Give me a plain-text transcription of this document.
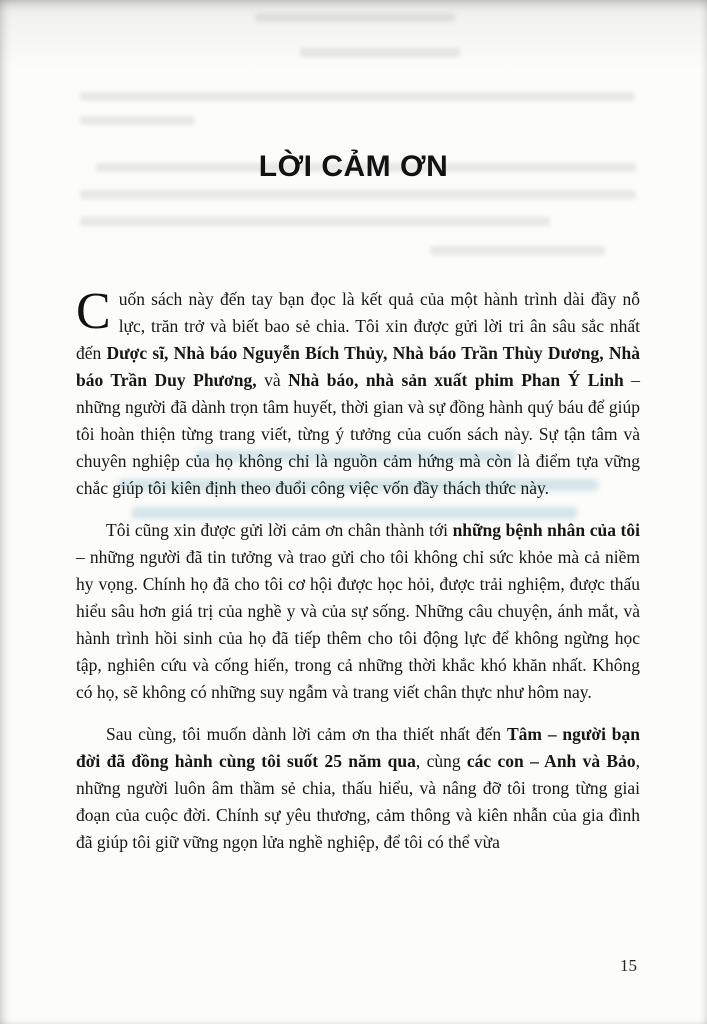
LỜI CẢM ƠN

Cuốn sách này đến tay bạn đọc là kết quả của một hành trình dài đầy nỗ lực, trăn trở và biết bao sẻ chia. Tôi xin được gửi lời tri ân sâu sắc nhất đến Dược sĩ, Nhà báo Nguyễn Bích Thủy, Nhà báo Trần Thùy Dương, Nhà báo Trần Duy Phương, và Nhà báo, nhà sản xuất phim Phan Ý Linh – những người đã dành trọn tâm huyết, thời gian và sự đồng hành quý báu để giúp tôi hoàn thiện từng trang viết, từng ý tưởng của cuốn sách này. Sự tận tâm và chuyên nghiệp của họ không chỉ là nguồn cảm hứng mà còn là điểm tựa vững chắc giúp tôi kiên định theo đuổi công việc vốn đầy thách thức này.

Tôi cũng xin được gửi lời cảm ơn chân thành tới những bệnh nhân của tôi – những người đã tin tưởng và trao gửi cho tôi không chỉ sức khỏe mà cả niềm hy vọng. Chính họ đã cho tôi cơ hội được học hỏi, được trải nghiệm, được thấu hiểu sâu hơn giá trị của nghề y và của sự sống. Những câu chuyện, ánh mắt, và hành trình hồi sinh của họ đã tiếp thêm cho tôi động lực để không ngừng học tập, nghiên cứu và cống hiến, trong cả những thời khắc khó khăn nhất. Không có họ, sẽ không có những suy ngẫm và trang viết chân thực như hôm nay.

Sau cùng, tôi muốn dành lời cảm ơn tha thiết nhất đến Tâm – người bạn đời đã đồng hành cùng tôi suốt 25 năm qua, cùng các con – Anh và Bảo, những người luôn âm thầm sẻ chia, thấu hiểu, và nâng đỡ tôi trong từng giai đoạn của cuộc đời. Chính sự yêu thương, cảm thông và kiên nhẫn của gia đình đã giúp tôi giữ vững ngọn lửa nghề nghiệp, để tôi có thể vừa

15
